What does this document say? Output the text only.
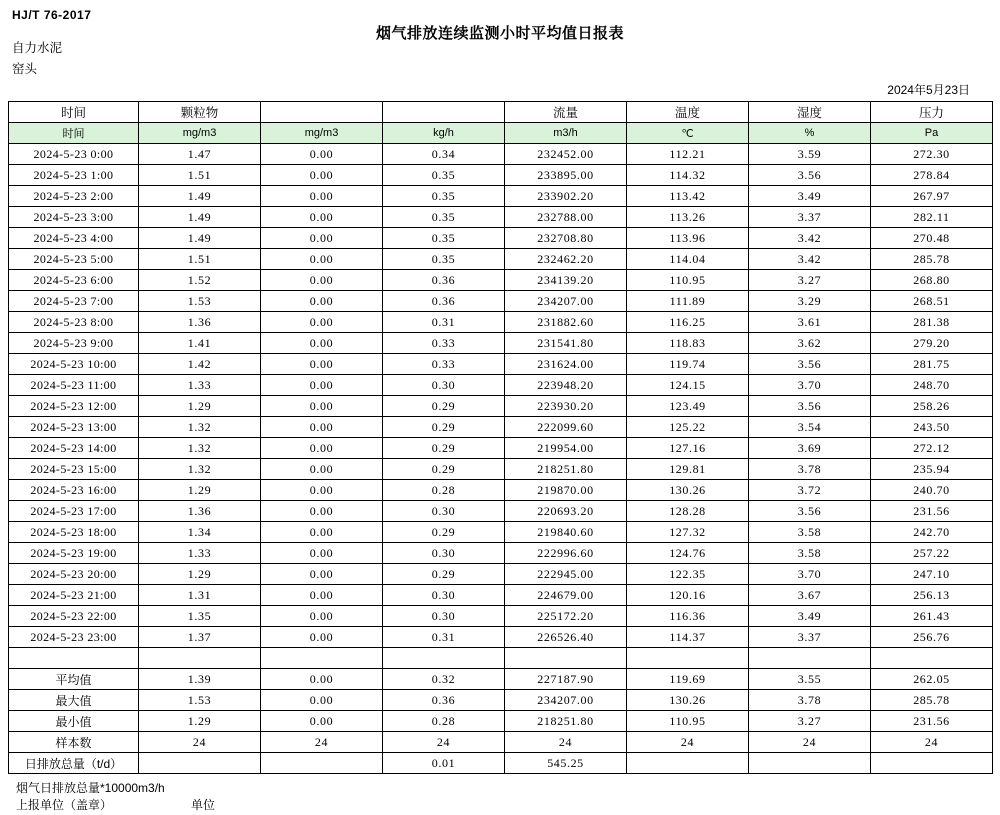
HJ/T 76-2017
烟气排放连续监测小时平均值日报表
自力水泥
窑头
2024年5月23日
时间	颗粒物			流量	温度	湿度	压力
时间	mg/m3	mg/m3	kg/h	m3/h	℃	%	Pa
2024-5-23 0:00	1.47	0.00	0.34	232452.00	112.21	3.59	272.30
2024-5-23 1:00	1.51	0.00	0.35	233895.00	114.32	3.56	278.84
2024-5-23 2:00	1.49	0.00	0.35	233902.20	113.42	3.49	267.97
2024-5-23 3:00	1.49	0.00	0.35	232788.00	113.26	3.37	282.11
2024-5-23 4:00	1.49	0.00	0.35	232708.80	113.96	3.42	270.48
2024-5-23 5:00	1.51	0.00	0.35	232462.20	114.04	3.42	285.78
2024-5-23 6:00	1.52	0.00	0.36	234139.20	110.95	3.27	268.80
2024-5-23 7:00	1.53	0.00	0.36	234207.00	111.89	3.29	268.51
2024-5-23 8:00	1.36	0.00	0.31	231882.60	116.25	3.61	281.38
2024-5-23 9:00	1.41	0.00	0.33	231541.80	118.83	3.62	279.20
2024-5-23 10:00	1.42	0.00	0.33	231624.00	119.74	3.56	281.75
2024-5-23 11:00	1.33	0.00	0.30	223948.20	124.15	3.70	248.70
2024-5-23 12:00	1.29	0.00	0.29	223930.20	123.49	3.56	258.26
2024-5-23 13:00	1.32	0.00	0.29	222099.60	125.22	3.54	243.50
2024-5-23 14:00	1.32	0.00	0.29	219954.00	127.16	3.69	272.12
2024-5-23 15:00	1.32	0.00	0.29	218251.80	129.81	3.78	235.94
2024-5-23 16:00	1.29	0.00	0.28	219870.00	130.26	3.72	240.70
2024-5-23 17:00	1.36	0.00	0.30	220693.20	128.28	3.56	231.56
2024-5-23 18:00	1.34	0.00	0.29	219840.60	127.32	3.58	242.70
2024-5-23 19:00	1.33	0.00	0.30	222996.60	124.76	3.58	257.22
2024-5-23 20:00	1.29	0.00	0.29	222945.00	122.35	3.70	247.10
2024-5-23 21:00	1.31	0.00	0.30	224679.00	120.16	3.67	256.13
2024-5-23 22:00	1.35	0.00	0.30	225172.20	116.36	3.49	261.43
2024-5-23 23:00	1.37	0.00	0.31	226526.40	114.37	3.37	256.76

平均值	1.39	0.00	0.32	227187.90	119.69	3.55	262.05
最大值	1.53	0.00	0.36	234207.00	130.26	3.78	285.78
最小值	1.29	0.00	0.28	218251.80	110.95	3.27	231.56
样本数	24	24	24	24	24	24	24
日排放总量（t/d）			0.01	545.25			
烟气日排放总量*10000m3/h
上报单位（盖章）	单位
